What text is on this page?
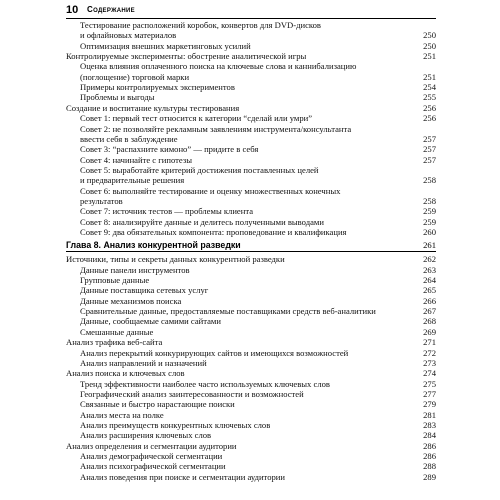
10 Содержание
Тестирование расположений коробок, конвертов для DVD-дисков
и офлайновых материалов	250
Оптимизация внешних маркетинговых усилий	250
Контролируемые эксперименты: обострение аналитической игры	251
Оценка влияния оплаченного поиска на ключевые слова и каннибализацию
(поглощение) торговой марки	251
Примеры контролируемых экспериментов	254
Проблемы и выгоды	255
Создание и воспитание культуры тестирования	256
Совет 1: первый тест относится к категории “сделай или умри”	256
Совет 2: не позволяйте рекламным заявлениям инструмента/консультанта
ввести себя в заблуждение	257
Совет 3: “распахните кимоно” — придите в себя	257
Совет 4: начинайте с гипотезы	257
Совет 5: выработайте критерий достижения поставленных целей
и предварительные решения	258
Совет 6: выполняйте тестирование и оценку множественных конечных
результатов	258
Совет 7: источник тестов — проблемы клиента	259
Совет 8: анализируйте данные и делитесь полученными выводами	259
Совет 9: два обязательных компонента: проповедование и квалификация	260
Глава 8. Анализ конкурентной разведки	261
Источники, типы и секреты данных конкурентной разведки	262
Данные панели инструментов	263
Групповые данные	264
Данные поставщика сетевых услуг	265
Данные механизмов поиска	266
Сравнительные данные, предоставляемые поставщиками средств веб-аналитики	267
Данные, сообщаемые самими сайтами	268
Смешанные данные	269
Анализ трафика веб-сайта	271
Анализ перекрытий конкурирующих сайтов и имеющихся возможностей	272
Анализ направлений и назначений	273
Анализ поиска и ключевых слов	274
Тренд эффективности наиболее часто используемых ключевых слов	275
Географический анализ заинтересованности и возможностей	277
Связанные и быстро нарастающие поиски	279
Анализ места на полке	281
Анализ преимуществ конкурентных ключевых слов	283
Анализ расширения ключевых слов	284
Анализ определения и сегментации аудитории	286
Анализ демографической сегментации	286
Анализ психографической сегментации	288
Анализ поведения при поиске и сегментации аудитории	289
